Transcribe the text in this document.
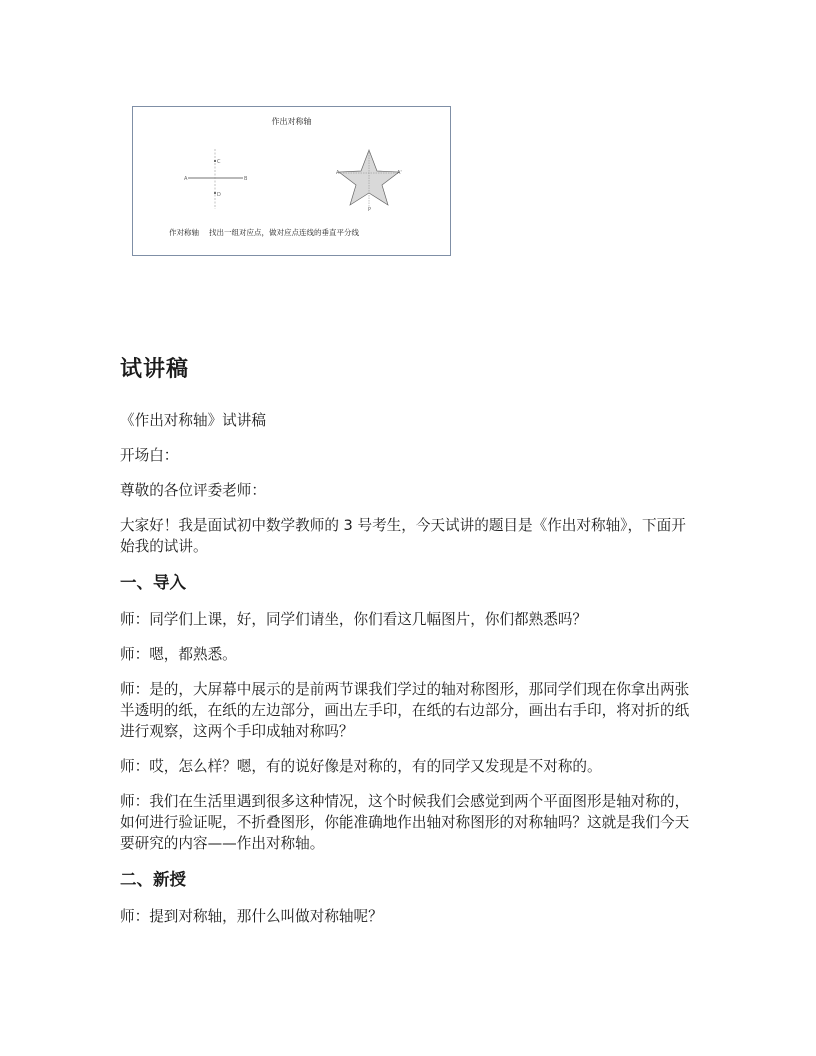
作出对称轴
C
A	B
D
A	A'
P
作对称轴 找出一组对应点，做对应点连线的垂直平分线
试讲稿

《作出对称轴》试讲稿

开场白：

尊敬的各位评委老师：

大家好！我是面试初中数学教师的 3 号考生，今天试讲的题目是《作出对称轴》，下面开始我的试讲。

一、导入

师：同学们上课，好，同学们请坐，你们看这几幅图片，你们都熟悉吗？

师：嗯，都熟悉。

师：是的，大屏幕中展示的是前两节课我们学过的轴对称图形，那同学们现在你拿出两张半透明的纸，在纸的左边部分，画出左手印，在纸的右边部分，画出右手印，将对折的纸进行观察，这两个手印成轴对称吗？

师：哎，怎么样？嗯，有的说好像是对称的，有的同学又发现是不对称的。

师：我们在生活里遇到很多这种情况，这个时候我们会感觉到两个平面图形是轴对称的，如何进行验证呢，不折叠图形，你能准确地作出轴对称图形的对称轴吗？这就是我们今天要研究的内容——作出对称轴。

二、新授

师：提到对称轴，那什么叫做对称轴呢？
